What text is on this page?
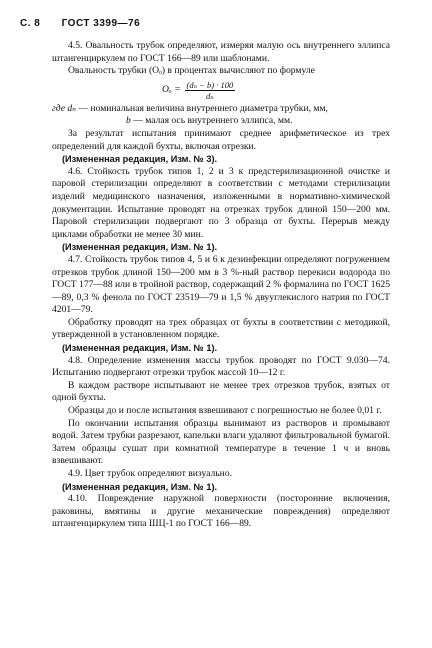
С. 8 ГОСТ 3399—76

4.5. Овальность трубок определяют, измеряя малую ось внутреннего эллипса штангенциркулем по ГОСТ 166—89 или шаблонами.

Овальность трубки (Oₒ) в процентах вычисляют по формуле

$O_o = \frac{\text{(dₙ − b) · 100}}{\text{dₙ}}$
где dₙ — номинальная величина внутреннего диаметра трубки, мм,

b — малая ось внутреннего эллипса, мм.

За результат испытания принимают среднее арифметическое из трех определений для каждой бухты, включая отрезки.

(Измененная редакция, Изм. № 3).

4.6. Стойкость трубок типов 1, 2 и 3 к предстерилизационной очистке и паровой стерилизации определяют в соответствии с методами стерилизации изделий медицинского назначения, изложенными в нормативно-химической документации. Испытание проводят на отрезках трубок длиной 150—200 мм. Паровой стерилизации подвергают по 3 образца от бухты. Перерыв между циклами обработки не менее 30 мин.

(Измененная редакция, Изм. № 1).

4.7. Стойкость трубок типов 4, 5 и 6 к дезинфекции определяют погружением отрезков трубок длиной 150—200 мм в 3 %-ный раствор перекиси водорода по ГОСТ 177—88 или в тройной раствор, содержащий 2 % формалина по ГОСТ 1625—89, 0,3 % фенола по ГОСТ 23519—79 и 1,5 % двууглекислого натрия по ГОСТ 4201—79.

Обработку проводят на трех образцах от бухты в соответствии с методикой, утвержденной в установленном порядке.

(Измененная редакция, Изм. № 1).

4.8. Определение изменения массы трубок проводят по ГОСТ 9.030—74. Испытанию подвергают отрезки трубок массой 10—12 г.

В каждом растворе испытывают не менее трех отрезков трубок, взятых от одной бухты.

Образцы до и после испытания взвешивают с погрешностью не более 0,01 г.

По окончании испытания образцы вынимают из растворов и промывают водой. Затем трубки разрезают, капельки влаги удаляют фильтровальной бумагой. Затем образцы сушат при комнатной температуре в течение 1 ч и вновь взвешивают.

4.9. Цвет трубок определяют визуально.

(Измененная редакция, Изм. № 1).

4.10. Повреждение наружной поверхности (посторонние включения, раковины, вмятины и другие механические повреждения) определяют штангенциркулем типа ШЦ-1 по ГОСТ 166—89.
